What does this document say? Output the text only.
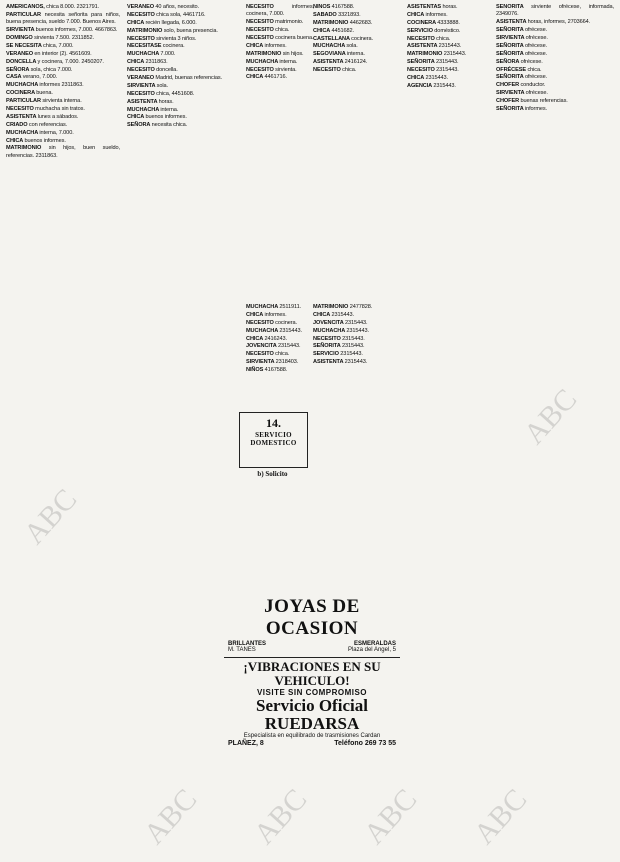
AMERICANOS, chica 8.000. 2321791.

PARTICULAR necesita señorita para niños, buena presencia, sueldo 7.000. Buenos Aires.

SIRVIENTA buenos informes, 7.000. 4667863.

DOMINGO sirvienta 7.500. 2311852.

SE NECESITA chica, 7.000.

VERANEO en interior (2). 4561609.

DONCELLA y cocinera, 7.000. 2450207.

SEÑORA sola, chica 7.000.

CASA verano, 7.000.

MUCHACHA informes 2311863.

COCINERA buena.

PARTICULAR sirvienta interna.

NECESITO muchacha sin tratos.

ASISTENTA lunes a sábados.

CRIADO con referencias.

MUCHACHA interna, 7.000.

CHICA buenos informes.

MATRIMONIO sin hijos, buen sueldo, referencias. 2311863.

VERANEO 40 años, necesito.

NECESITO chica sola, 4461716.

CHICA recién llegada, 6.000.

MATRIMONIO solo, buena presencia.

NECESITO sirvienta 3 niños.

NECESITASE cocinera.

MUCHACHA 7.000.

CHICA 2311863.

NECESITO doncella.

VERANEO Madrid, buenas referencias.

SIRVIENTA sola.

NECESITO chica, 4451608.

ASISTENTA horas.

MUCHACHA interna.

CHICA buenos informes.

SEÑORA necesita chica.

NECESITO informes, cocinera, 7.000.

NECESITO matrimonio.

NECESITO chica.

NECESITO cocinera buena.

CHICA informes.

MATRIMONIO sin hijos.

MUCHACHA interna.

NECESITO sirvienta.

CHICA 4461716.

NIÑOS 4167588.

SABADO 3321893.

MATRIMONIO 4462683.

CHICA 4451682.

CASTELLANA cocinera.

MUCHACHA sola.

SEGOVIANA interna.

ASISTENTA 2416124.

NECESITO chica.

MUCHACHA 2511911.

CHICA informes.

NECESITO cocinera.

MUCHACHA 2315443.

CHICA 2416243.

JOVENCITA 2315443.

NECESITO chica.

SIRVIENTA 2318403.

NIÑOS 4167588.

MATRIMONIO 2477828.

CHICA 2315443.

JOVENCITA 2315443.

MUCHACHA 2315443.

NECESITO 2315443.

SEÑORITA 2315443.

SERVICIO 2315443.

ASISTENTA 2315443.

ASISTENTAS horas.

CHICA informes.

COCINERA 4333888.

SERVICIO doméstico.

NECESITO chica.

ASISTENTA 2315443.

MATRIMONIO 2315443.

SEÑORITA 2315443.

NECESITO 2315443.

CHICA 2315443.

AGENCIA 2315443.

SEÑORITA sirviente ofrécese, informada, 2349076.

ASISTENTA horas, informes, 2703664.

SEÑORITA ofrécese.

SIRVIENTA ofrécese.

SEÑORITA ofrécese.

SEÑORITA ofrécese.

SEÑORA ofrécese.

OFRÉCESE chica.

SEÑORITA ofrécese.

CHOFER conductor.

SIRVIENTA ofrécese.

CHOFER buenas referencias.

SEÑORITA informes.

14.
SERVICIO
DOMESTICO
b) Solicito
JOYAS DE OCASION
BRILLANTES	ESMERALDAS
M. TANES	Plaza del Angel, 5
¡VIBRACIONES EN SU VEHICULO!
VISITE SIN COMPROMISO
Servicio Oficial RUEDARSA
Especialista en equilibrado de trasmisiones Cardan
PLAÑEZ, 8	Teléfono 269 73 55
ABC
ABC	ABC
ABC
